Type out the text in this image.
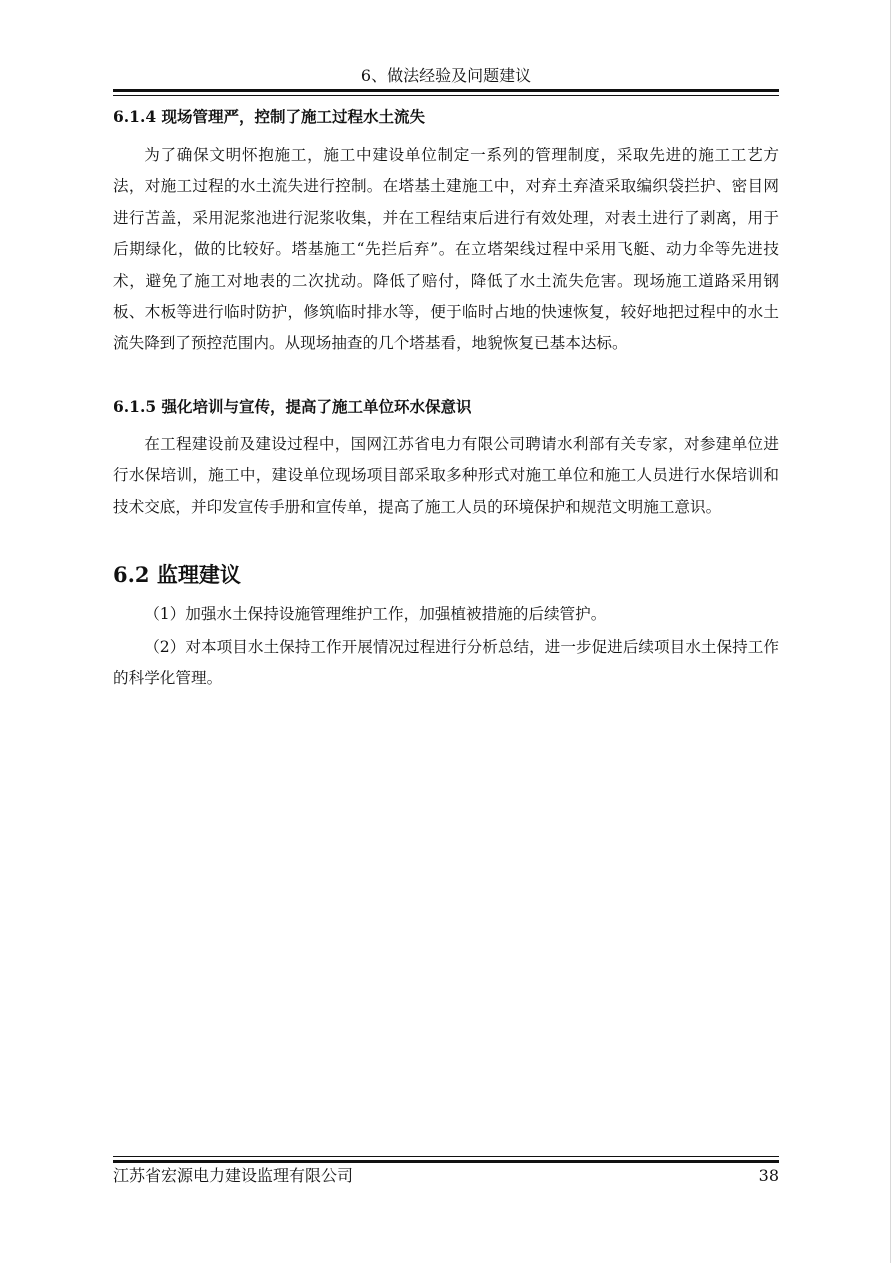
6、做法经验及问题建议
6.1.4 现场管理严，控制了施工过程水土流失

为了确保文明怀抱施工，施工中建设单位制定一系列的管理制度，采取先进的施工工艺方法，对施工过程的水土流失进行控制。在塔基土建施工中，对弃土弃渣采取编织袋拦护、密目网进行苫盖，采用泥浆池进行泥浆收集，并在工程结束后进行有效处理，对表土进行了剥离，用于后期绿化，做的比较好。塔基施工“先拦后弃”。在立塔架线过程中采用飞艇、动力伞等先进技术，避免了施工对地表的二次扰动。降低了赔付，降低了水土流失危害。现场施工道路采用钢板、木板等进行临时防护，修筑临时排水等，便于临时占地的快速恢复，较好地把过程中的水土流失降到了预控范围内。从现场抽查的几个塔基看，地貌恢复已基本达标。

6.1.5 强化培训与宣传，提高了施工单位环水保意识

在工程建设前及建设过程中，国网江苏省电力有限公司聘请水利部有关专家，对参建单位进行水保培训，施工中，建设单位现场项目部采取多种形式对施工单位和施工人员进行水保培训和技术交底，并印发宣传手册和宣传单，提高了施工人员的环境保护和规范文明施工意识。

6.2 监理建议

（1）加强水土保持设施管理维护工作，加强植被措施的后续管护。

（2）对本项目水土保持工作开展情况过程进行分析总结，进一步促进后续项目水土保持工作的科学化管理。

江苏省宏源电力建设监理有限公司	38
